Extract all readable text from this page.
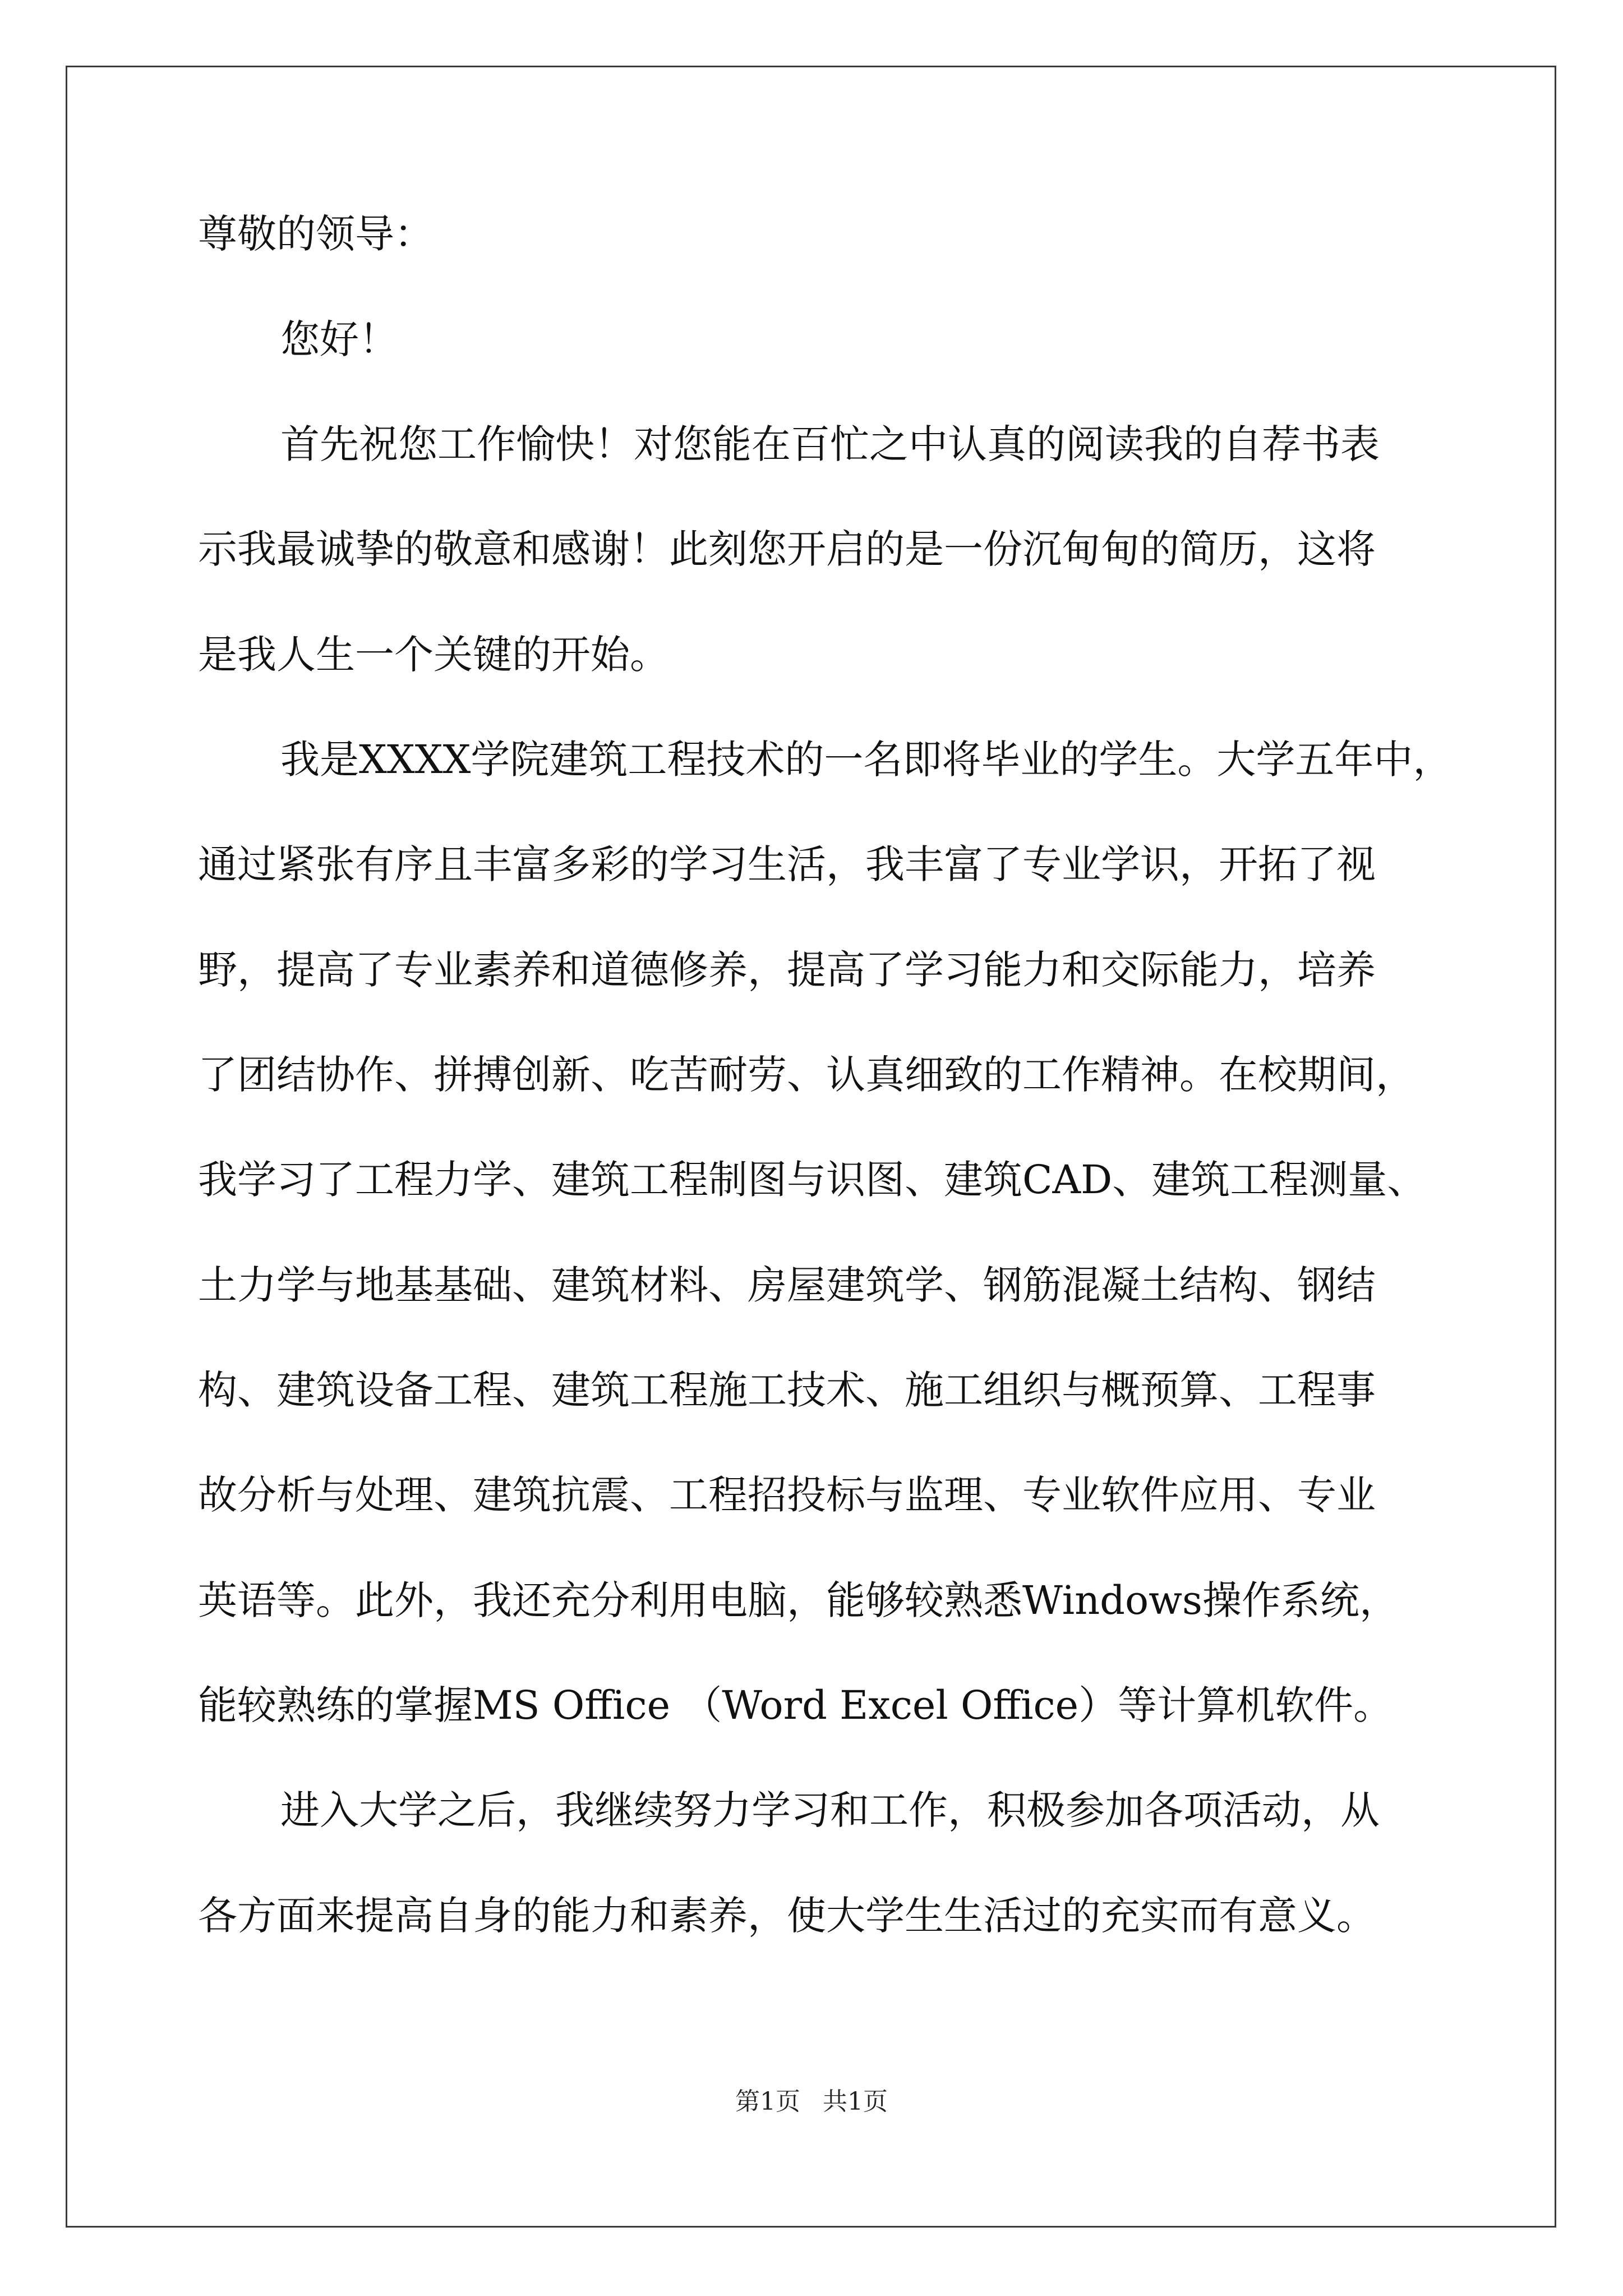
尊敬的领导：
您好！
首先祝您工作愉快！对您能在百忙之中认真的阅读我的自荐书表
示我最诚挚的敬意和感谢！此刻您开启的是一份沉甸甸的简历，这将
是我人生一个关键的开始。
我是XXXX学院建筑工程技术的一名即将毕业的学生。大学五年中，
通过紧张有序且丰富多彩的学习生活，我丰富了专业学识，开拓了视
野，提高了专业素养和道德修养，提高了学习能力和交际能力，培养
了团结协作、拼搏创新、吃苦耐劳、认真细致的工作精神。在校期间，
我学习了工程力学、建筑工程制图与识图、建筑CAD、建筑工程测量、
土力学与地基基础、建筑材料、房屋建筑学、钢筋混凝土结构、钢结
构、建筑设备工程、建筑工程施工技术、施工组织与概预算、工程事
故分析与处理、建筑抗震、工程招投标与监理、专业软件应用、专业
英语等。此外，我还充分利用电脑，能够较熟悉Windows操作系统，
能较熟练的掌握MS Office （Word Excel Office）等计算机软件。
进入大学之后，我继续努力学习和工作，积极参加各项活动，从
各方面来提高自身的能力和素养，使大学生生活过的充实而有意义。
第1页 共1页
